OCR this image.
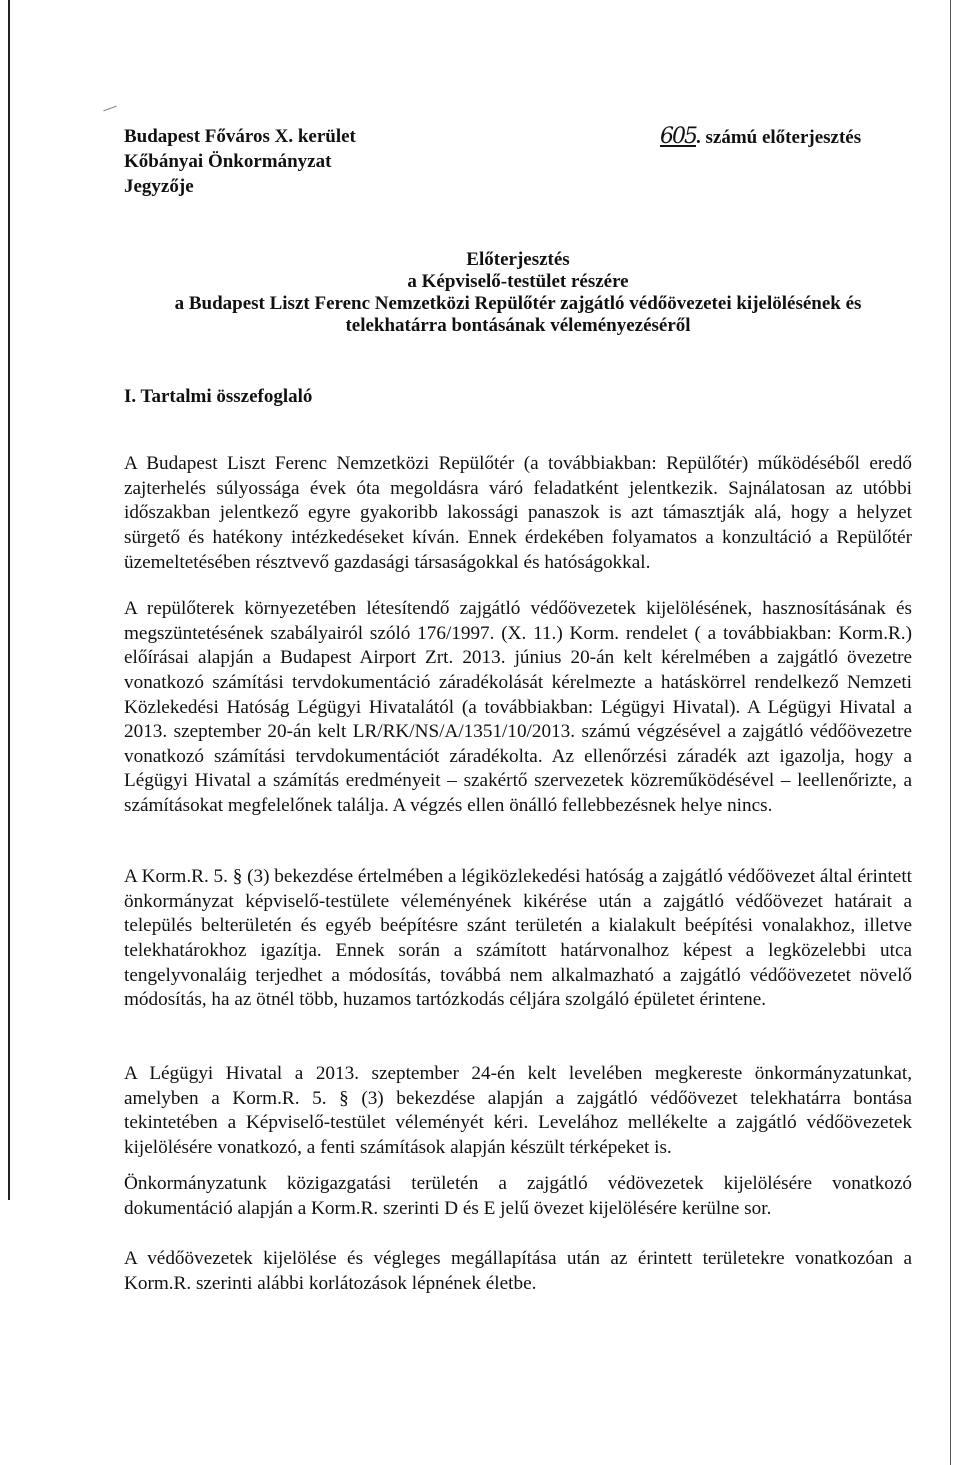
Budapest Főváros X. kerület
Kőbányai Önkormányzat
Jegyzője
605. számú előterjesztés
Előterjesztés
a Képviselő-testület részére
a Budapest Liszt Ferenc Nemzetközi Repülőtér zajgátló védőövezetei kijelölésének és
telekhatárra bontásának véleményezéséről
I. Tartalmi összefoglaló

A Budapest Liszt Ferenc Nemzetközi Repülőtér (a továbbiakban: Repülőtér) működéséből eredő zajterhelés súlyossága évek óta megoldásra váró feladatként jelentkezik. Sajnálatosan az utóbbi időszakban jelentkező egyre gyakoribb lakossági panaszok is azt támasztják alá, hogy a helyzet sürgető és hatékony intézkedéseket kíván. Ennek érdekében folyamatos a konzultáció a Repülőtér üzemeltetésében résztvevő gazdasági társaságokkal és hatóságokkal.

A repülőterek környezetében létesítendő zajgátló védőövezetek kijelölésének, hasznosításának és megszüntetésének szabályairól szóló 176/1997. (X. 11.) Korm. rendelet ( a továbbiakban: Korm.R.) előírásai alapján a Budapest Airport Zrt. 2013. június 20-án kelt kérelmében a zajgátló övezetre vonatkozó számítási tervdokumentáció záradékolását kérelmezte a hatáskörrel rendelkező Nemzeti Közlekedési Hatóság Légügyi Hivatalától (a továbbiakban: Légügyi Hivatal). A Légügyi Hivatal a 2013. szeptember 20-án kelt LR/RK/NS/A/1351/10/2013. számú végzésével a zajgátló védőövezetre vonatkozó számítási tervdokumentációt záradékolta. Az ellenőrzési záradék azt igazolja, hogy a Légügyi Hivatal a számítás eredményeit – szakértő szervezetek közreműködésével – leellenőrizte, a számításokat megfelelőnek találja. A végzés ellen önálló fellebbezésnek helye nincs.

A Korm.R. 5. § (3) bekezdése értelmében a légiközlekedési hatóság a zajgátló védőövezet által érintett önkormányzat képviselő-testülete véleményének kikérése után a zajgátló védőövezet határait a település belterületén és egyéb beépítésre szánt területén a kialakult beépítési vonalakhoz, illetve telekhatárokhoz igazítja. Ennek során a számított határvonalhoz képest a legközelebbi utca tengelyvonaláig terjedhet a módosítás, továbbá nem alkalmazható a zajgátló védőövezetet növelő módosítás, ha az ötnél több, huzamos tartózkodás céljára szolgáló épületet érintene.

A Légügyi Hivatal a 2013. szeptember 24-én kelt levelében megkereste önkormányzatunkat, amelyben a Korm.R. 5. § (3) bekezdése alapján a zajgátló védőövezet telekhatárra bontása tekintetében a Képviselő-testület véleményét kéri. Levelához mellékelte a zajgátló védőövezetek kijelölésére vonatkozó, a fenti számítások alapján készült térképeket is.

Önkormányzatunk közigazgatási területén a zajgátló védövezetek kijelölésére vonatkozó dokumentáció alapján a Korm.R. szerinti D és E jelű övezet kijelölésére kerülne sor.

A védőövezetek kijelölése és végleges megállapítása után az érintett területekre vonatkozóan a Korm.R. szerinti alábbi korlátozások lépnének életbe.
